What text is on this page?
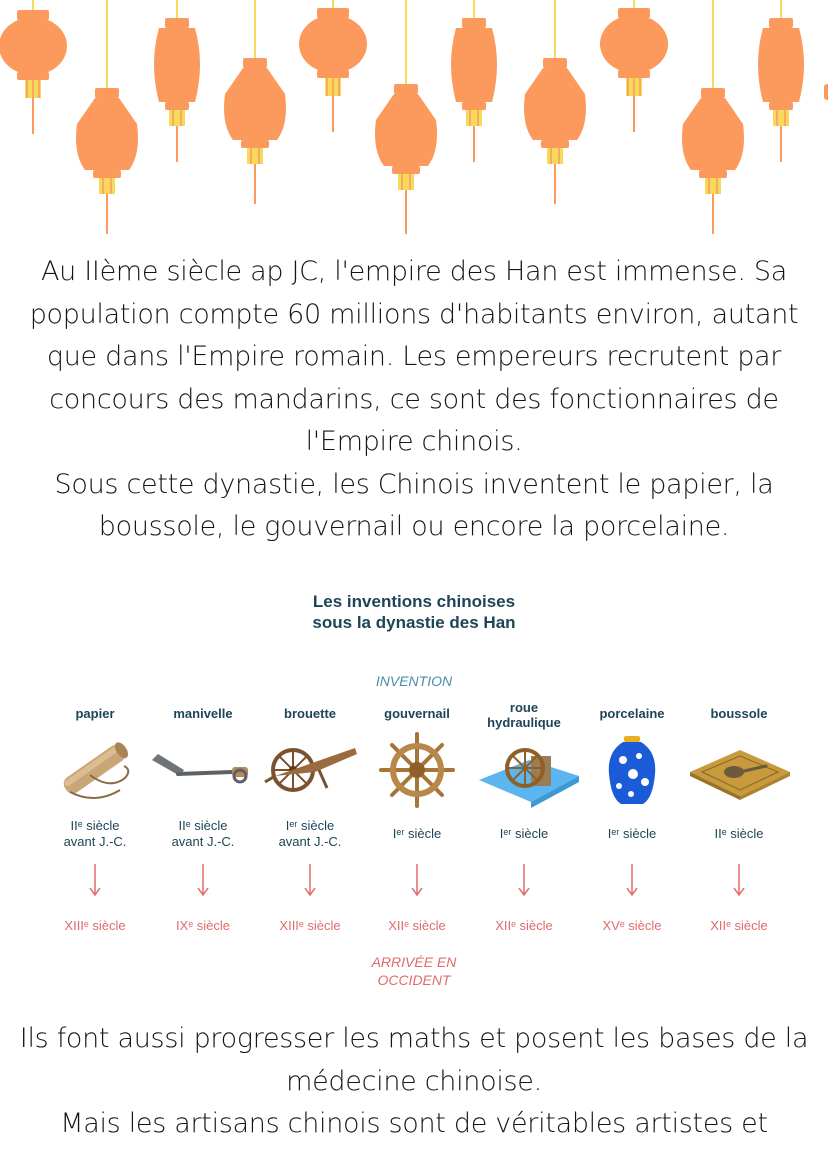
Au IIème siècle ap JC, l'empire des Han est immense. Sa
population compte 60 millions d'habitants environ, autant
que dans l'Empire romain. Les empereurs recrutent par
concours des mandarins, ce sont des fonctionnaires de
l'Empire chinois.
Sous cette dynastie, les Chinois inventent le papier, la
boussole, le gouvernail ou encore la porcelaine.
Les inventions chinoises
sous la dynastie des Han
INVENTION
papier
IIᵉ siècle
avant J.-C.
XIIIᵉ siècle
manivelle
IIᵉ siècle
avant J.-C.
IXᵉ siècle
brouette
Iᵉʳ siècle
avant J.-C.
XIIIᵉ siècle
gouvernail
Iᵉʳ siècle
XIIᵉ siècle
roue
hydraulique
Iᵉʳ siècle
XIIᵉ siècle
porcelaine
Iᵉʳ siècle
XVᵉ siècle
boussole
IIᵉ siècle
XIIᵉ siècle
ARRIVÉE EN
OCCIDENT
Ils font aussi progresser les maths et posent les bases de la
médecine chinoise.
Mais les artisans chinois sont de véritables artistes et
